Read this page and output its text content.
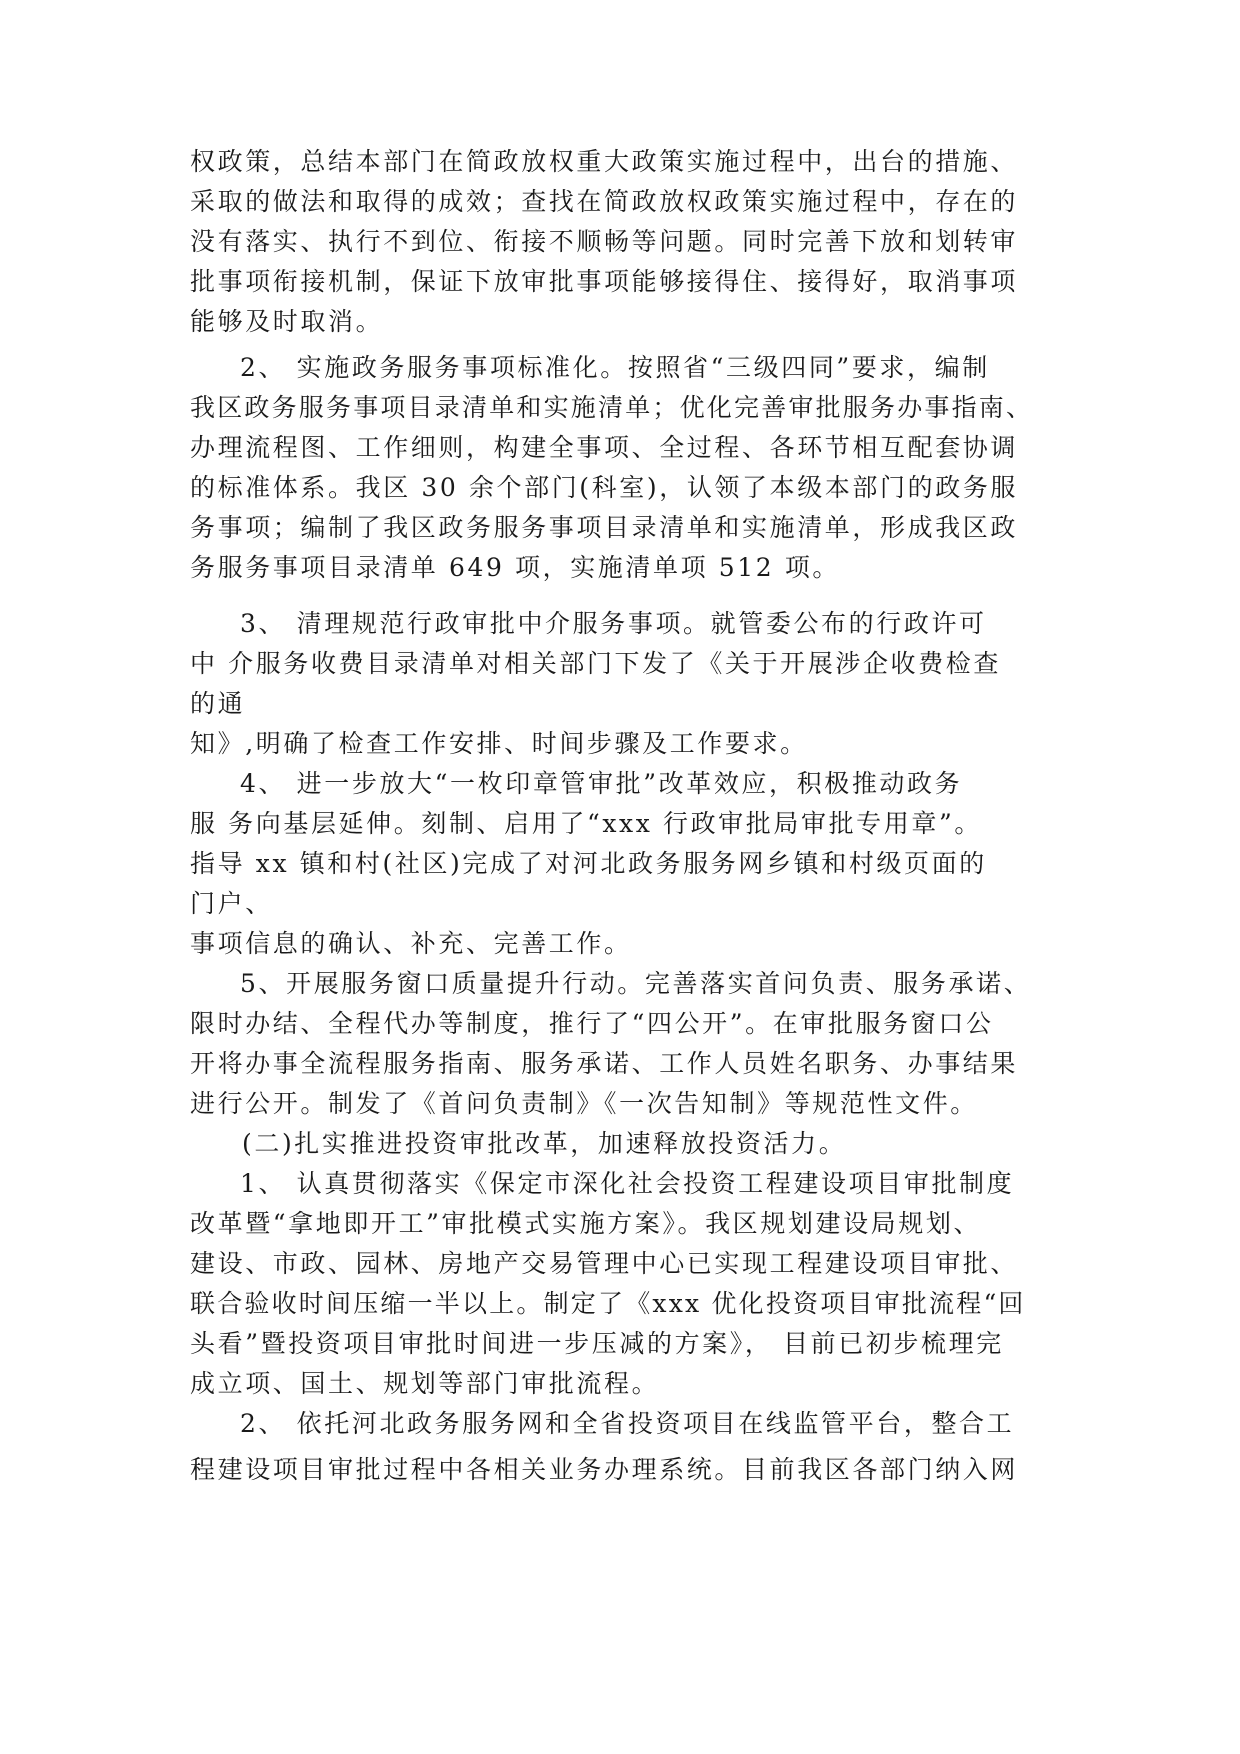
权政策，总结本部门在简政放权重大政策实施过程中，出台的措施、
采取的做法和取得的成效；查找在简政放权政策实施过程中，存在的
没有落实、执行不到位、衔接不顺畅等问题。同时完善下放和划转审
批事项衔接机制，保证下放审批事项能够接得住、接得好，取消事项
能够及时取消。
2、 实施政务服务事项标准化。按照省“三级四同”要求，编制
我区政务服务事项目录清单和实施清单；优化完善审批服务办事指南、
办理流程图、工作细则，构建全事项、全过程、各环节相互配套协调
的标准体系。我区 30 余个部门(科室)，认领了本级本部门的政务服
务事项；编制了我区政务服务事项目录清单和实施清单，形成我区政
务服务事项目录清单 649 项，实施清单项 512 项。
3、 清理规范行政审批中介服务事项。就管委公布的行政许可
中 介服务收费目录清单对相关部门下发了《关于开展涉企收费检查
的通
知》,明确了检查工作安排、时间步骤及工作要求。
4、 进一步放大“一枚印章管审批”改革效应，积极推动政务
服 务向基层延伸。刻制、启用了“xxx 行政审批局审批专用章”。
指导 xx 镇和村(社区)完成了对河北政务服务网乡镇和村级页面的
门户、
事项信息的确认、补充、完善工作。
5、开展服务窗口质量提升行动。完善落实首问负责、服务承诺、
限时办结、全程代办等制度，推行了“四公开”。在审批服务窗口公
开将办事全流程服务指南、服务承诺、工作人员姓名职务、办事结果
进行公开。制发了《首问负责制》《一次告知制》等规范性文件。
(二)扎实推进投资审批改革，加速释放投资活力。
1、 认真贯彻落实《保定市深化社会投资工程建设项目审批制度
改革暨“拿地即开工”审批模式实施方案》。我区规划建设局规划、
建设、市政、园林、房地产交易管理中心已实现工程建设项目审批、
联合验收时间压缩一半以上。制定了《xxx 优化投资项目审批流程“回
头看”暨投资项目审批时间进一步压减的方案》， 目前已初步梳理完
成立项、国土、规划等部门审批流程。
2、 依托河北政务服务网和全省投资项目在线监管平台，整合工
程建设项目审批过程中各相关业务办理系统。目前我区各部门纳入网
